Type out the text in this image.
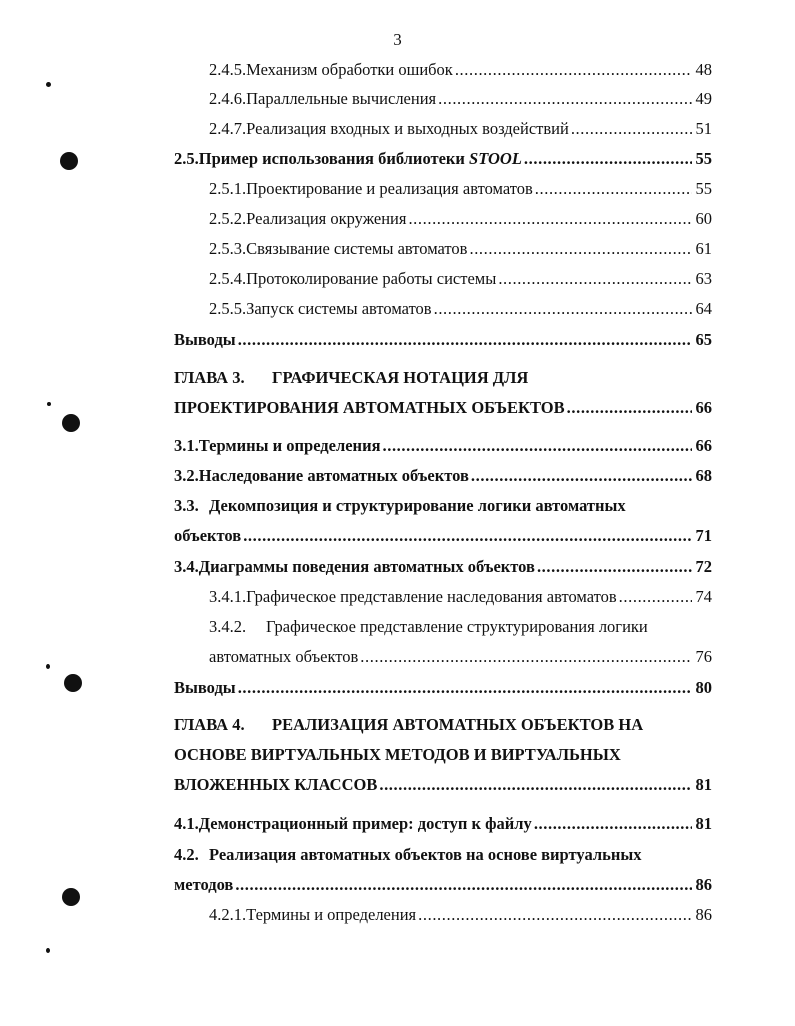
3
2.4.5. Механизм обработки ошибок .....	48
2.4.6. Параллельные вычисления .....	49
2.4.7. Реализация входных и выходных воздействий .....	51
2.5. Пример использования библиотеки STOOL .....	55
2.5.1. Проектирование и реализация автоматов .....	55
2.5.2. Реализация окружения .....	60
2.5.3. Связывание системы автоматов .....	61
2.5.4. Протоколирование работы системы .....	63
2.5.5. Запуск системы автоматов .....	64
Выводы .....	65
ГЛАВА 3.	ГРАФИЧЕСКАЯ НОТАЦИЯ ДЛЯ
ПРОЕКТИРОВАНИЯ АВТОМАТНЫХ ОБЪЕКТОВ .....	66
3.1. Термины и определения .....	66
3.2. Наследование автоматных объектов .....	68
3.3. Декомпозиция и структурирование логики автоматных
объектов .....	71
3.4. Диаграммы поведения автоматных объектов .....	72
3.4.1. Графическое представление наследования автоматов .....	74
3.4.2.	Графическое представление структурирования логики
автоматных объектов .....	76
Выводы .....	80
ГЛАВА 4.	РЕАЛИЗАЦИЯ АВТОМАТНЫХ ОБЪЕКТОВ НА
ОСНОВЕ ВИРТУАЛЬНЫХ МЕТОДОВ И ВИРТУАЛЬНЫХ
ВЛОЖЕННЫХ КЛАССОВ .....	81
4.1. Демонстрационный пример: доступ к файлу .....	81
4.2. Реализация автоматных объектов на основе виртуальных
методов .....	86
4.2.1. Термины и определения .....	86
